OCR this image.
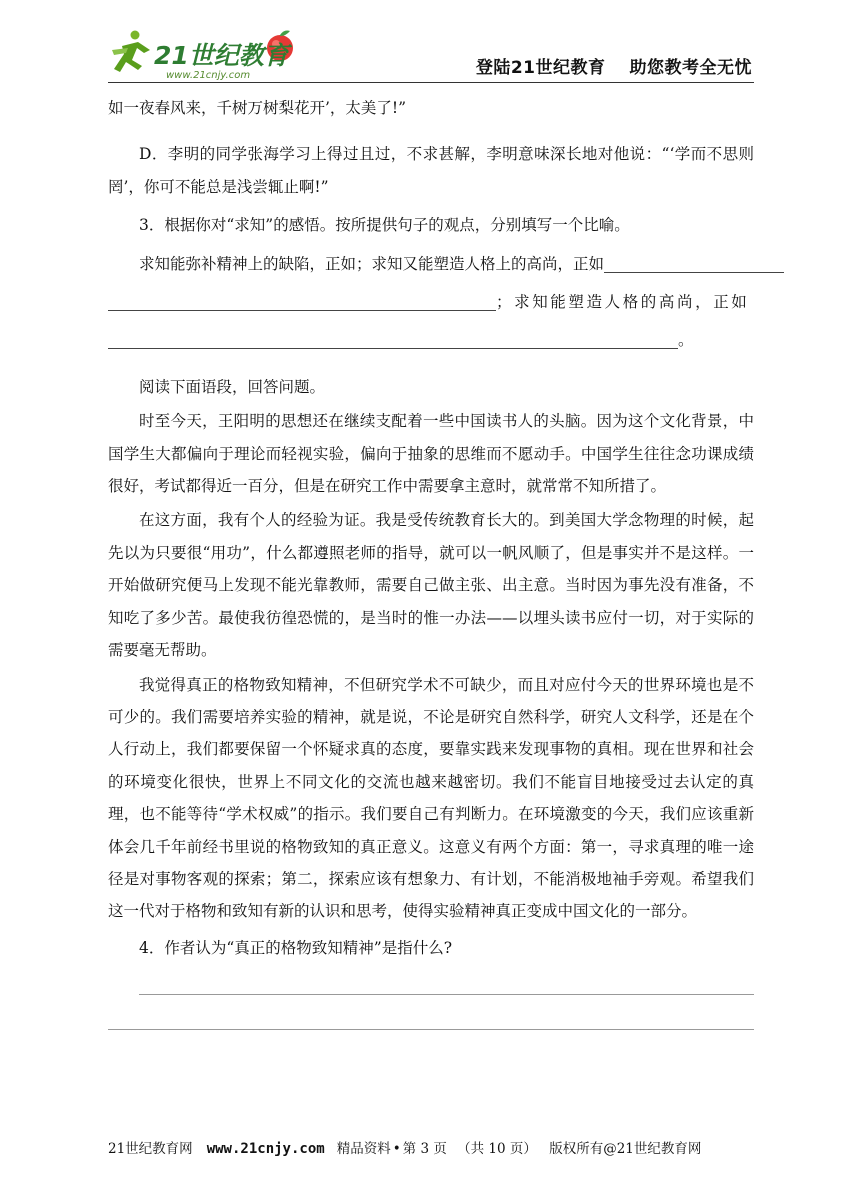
21世纪教育
www.21cnjy.com	登陆21世纪教育 助您教考全无忧

如一夜春风来，千树万树梨花开’，太美了!”

D．李明的同学张海学习上得过且过，不求甚解，李明意味深长地对他说：“‘学而不思则罔’，你可不能总是浅尝辄止啊!”

3．根据你对“求知”的感悟。按所提供句子的观点，分别填写一个比喻。

求知能弥补精神上的缺陷，正如；求知又能塑造人格上的高尚，正如

；求知能塑造人格的高尚，正如

。

阅读下面语段，回答问题。

时至今天，王阳明的思想还在继续支配着一些中国读书人的头脑。因为这个文化背景，中国学生大都偏向于理论而轻视实验，偏向于抽象的思维而不愿动手。中国学生往往念功课成绩很好，考试都得近一百分，但是在研究工作中需要拿主意时，就常常不知所措了。

在这方面，我有个人的经验为证。我是受传统教育长大的。到美国大学念物理的时候，起先以为只要很“用功”，什么都遵照老师的指导，就可以一帆风顺了，但是事实并不是这样。一开始做研究便马上发现不能光靠教师，需要自己做主张、出主意。当时因为事先没有准备，不知吃了多少苦。最使我彷徨恐慌的，是当时的惟一办法——以埋头读书应付一切，对于实际的需要毫无帮助。

我觉得真正的格物致知精神，不但研究学术不可缺少，而且对应付今天的世界环境也是不可少的。我们需要培养实验的精神，就是说，不论是研究自然科学，研究人文科学，还是在个人行动上，我们都要保留一个怀疑求真的态度，要靠实践来发现事物的真相。现在世界和社会的环境变化很快，世界上不同文化的交流也越来越密切。我们不能盲目地接受过去认定的真理，也不能等待“学术权威”的指示。我们要自己有判断力。在环境激变的今天，我们应该重新体会几千年前经书里说的格物致知的真正意义。这意义有两个方面：第一，寻求真理的唯一途径是对事物客观的探索；第二，探索应该有想象力、有计划，不能消极地袖手旁观。希望我们这一代对于格物和致知有新的认识和思考，使得实验精神真正变成中国文化的一部分。

4．作者认为“真正的格物致知精神”是指什么?

21世纪教育网 www.21cnjy.com 精品资料 • 第 3 页 （共 10 页） 版权所有@21世纪教育网
